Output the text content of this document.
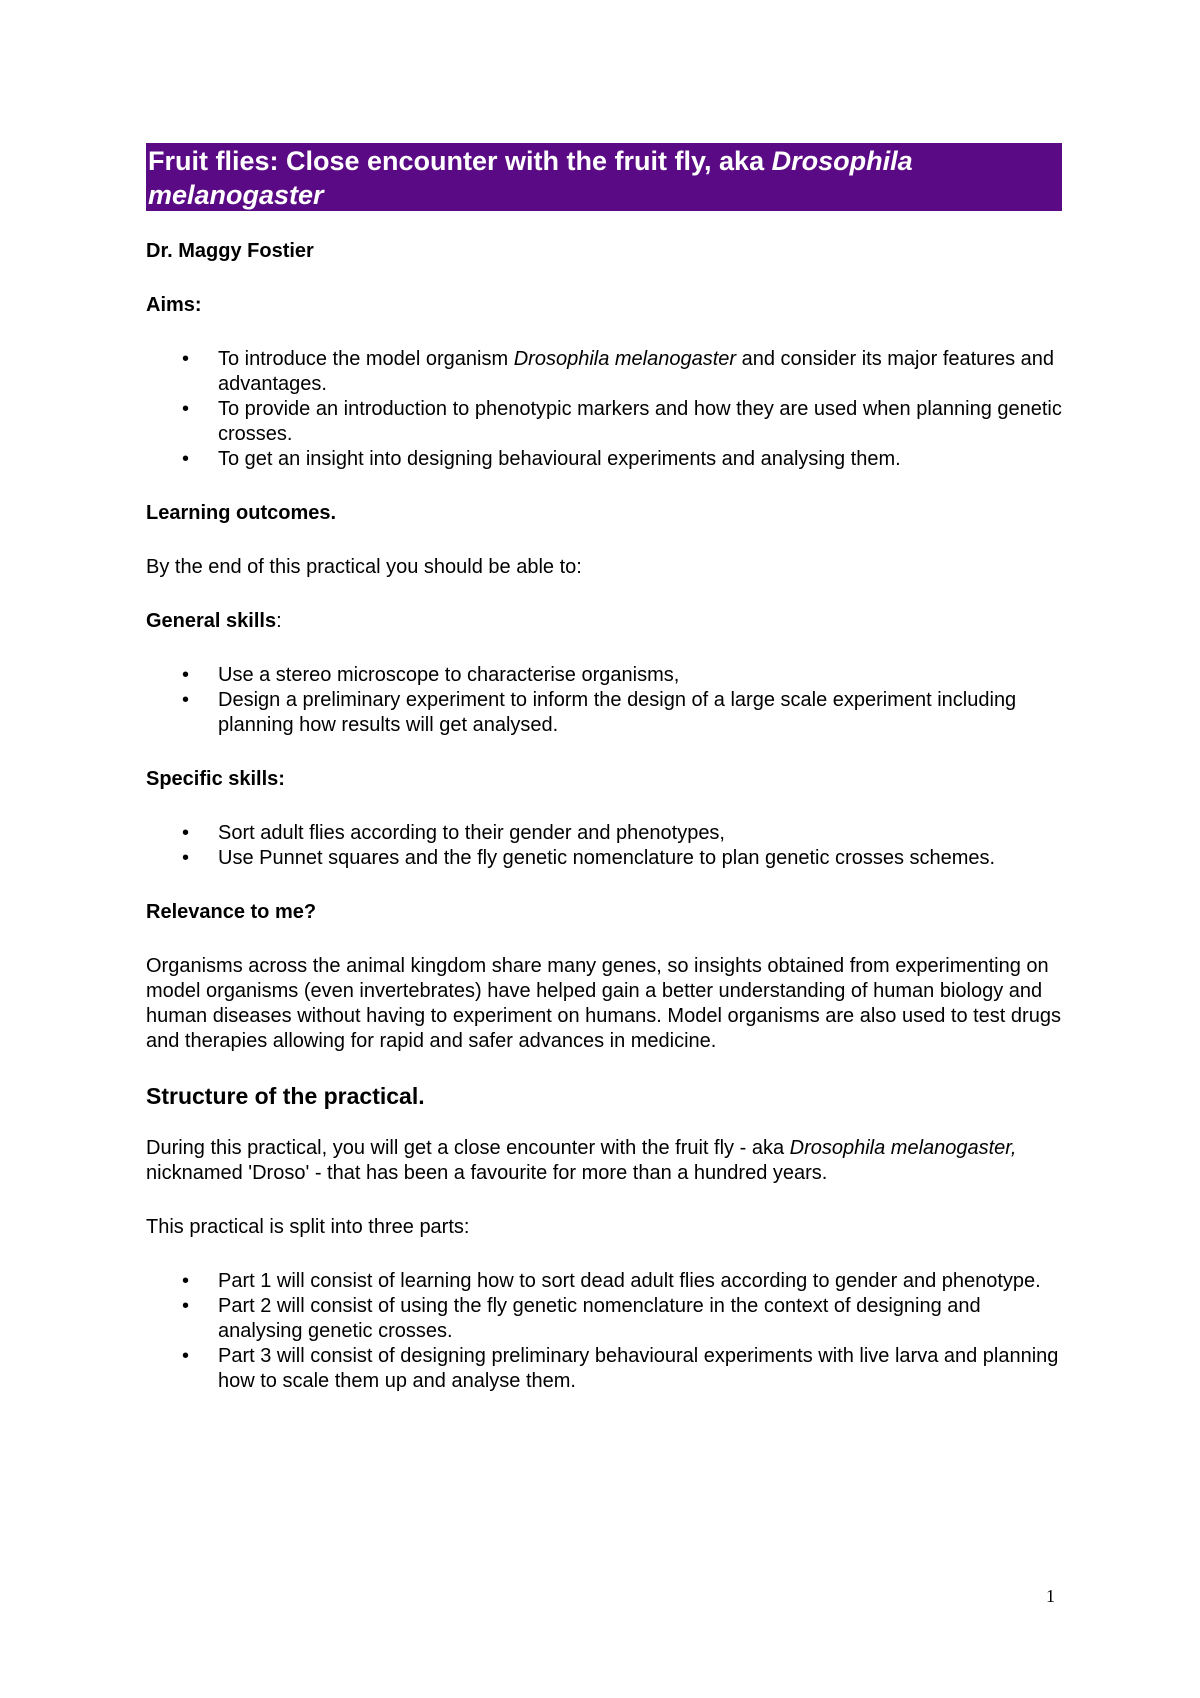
Fruit flies: Close encounter with the fruit fly, aka Drosophila melanogaster

Dr. Maggy Fostier

Aims:

• To introduce the model organism Drosophila melanogaster and consider its major features and advantages.
• To provide an introduction to phenotypic markers and how they are used when planning genetic crosses.
• To get an insight into designing behavioural experiments and analysing them.

Learning outcomes.

By the end of this practical you should be able to:

General skills:

• Use a stereo microscope to characterise organisms,
• Design a preliminary experiment to inform the design of a large scale experiment including planning how results will get analysed.

Specific skills:

• Sort adult flies according to their gender and phenotypes,
• Use Punnet squares and the fly genetic nomenclature to plan genetic crosses schemes.

Relevance to me?

Organisms across the animal kingdom share many genes, so insights obtained from experimenting on model organisms (even invertebrates) have helped gain a better understanding of human biology and human diseases without having to experiment on humans. Model organisms are also used to test drugs and therapies allowing for rapid and safer advances in medicine.

Structure of the practical.

During this practical, you will get a close encounter with the fruit fly - aka Drosophila melanogaster, nicknamed 'Droso' - that has been a favourite for more than a hundred years.

This practical is split into three parts:

• Part 1 will consist of learning how to sort dead adult flies according to gender and phenotype.
• Part 2 will consist of using the fly genetic nomenclature in the context of designing and analysing genetic crosses.
• Part 3 will consist of designing preliminary behavioural experiments with live larva and planning how to scale them up and analyse them.
1
